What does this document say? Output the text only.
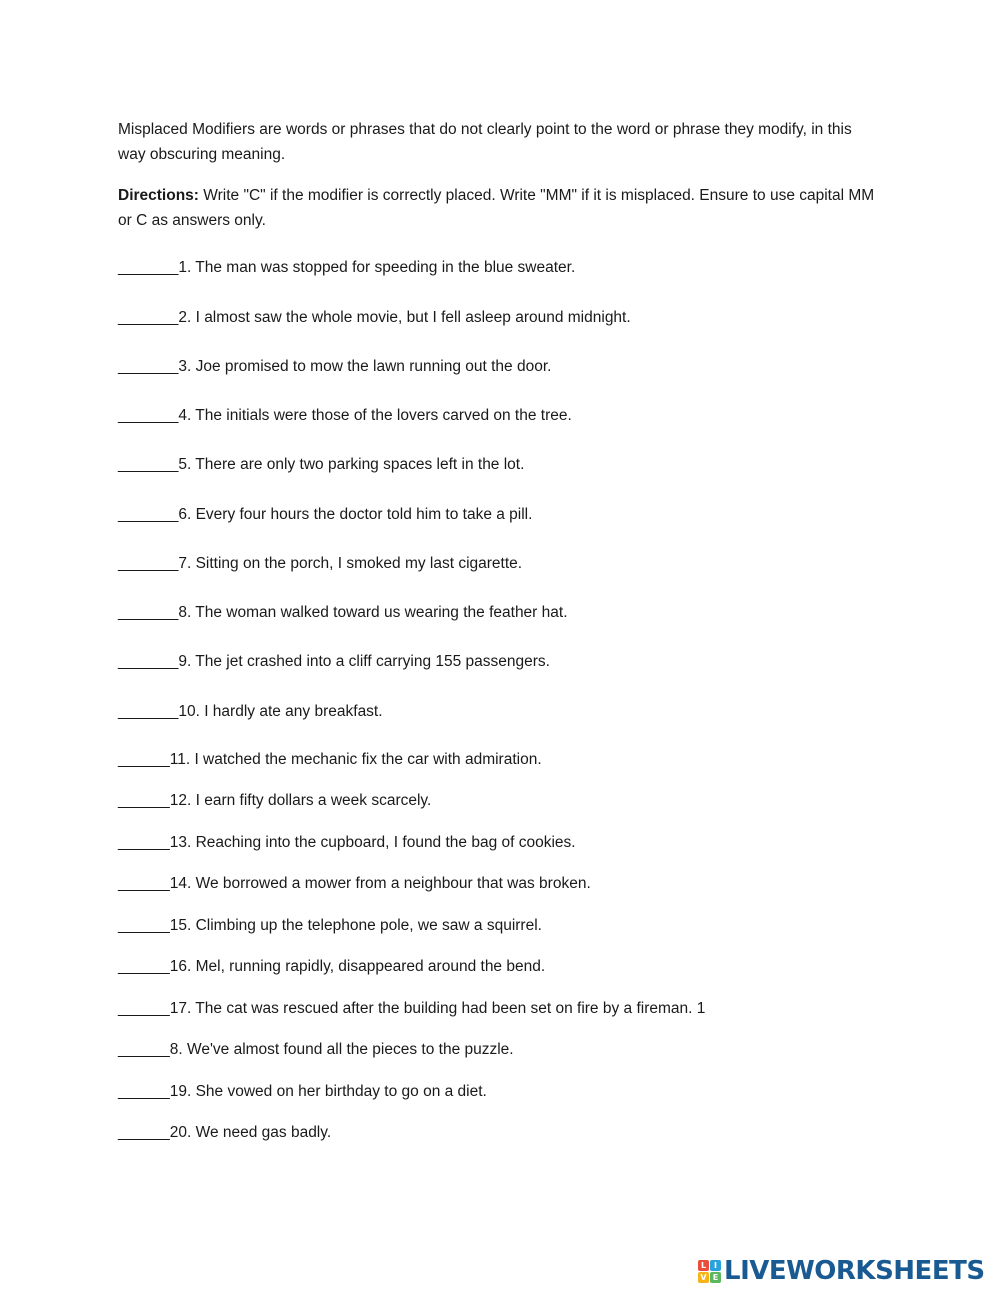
Misplaced Modifiers are words or phrases that do not clearly point to the word or phrase they modify, in this way obscuring meaning.

Directions: Write "C" if the modifier is correctly placed. Write "MM" if it is misplaced. Ensure to use capital MM or C as answers only.

_______1. The man was stopped for speeding in the blue sweater.

_______2. I almost saw the whole movie, but I fell asleep around midnight.

_______3. Joe promised to mow the lawn running out the door.

_______4. The initials were those of the lovers carved on the tree.

_______5. There are only two parking spaces left in the lot.

_______6. Every four hours the doctor told him to take a pill.

_______7. Sitting on the porch, I smoked my last cigarette.

_______8. The woman walked toward us wearing the feather hat.

_______9. The jet crashed into a cliff carrying 155 passengers.

_______10. I hardly ate any breakfast.

______11. I watched the mechanic fix the car with admiration.

______12. I earn fifty dollars a week scarcely.

______13. Reaching into the cupboard, I found the bag of cookies.

______14. We borrowed a mower from a neighbour that was broken.

______15. Climbing up the telephone pole, we saw a squirrel.

______16. Mel, running rapidly, disappeared around the bend.

______17. The cat was rescued after the building had been set on fire by a fireman. 1

______8. We've almost found all the pieces to the puzzle.

______19. She vowed on her birthday to go on a diet.

______20. We need gas badly.

L I
V E LIVEWORKSHEETS
